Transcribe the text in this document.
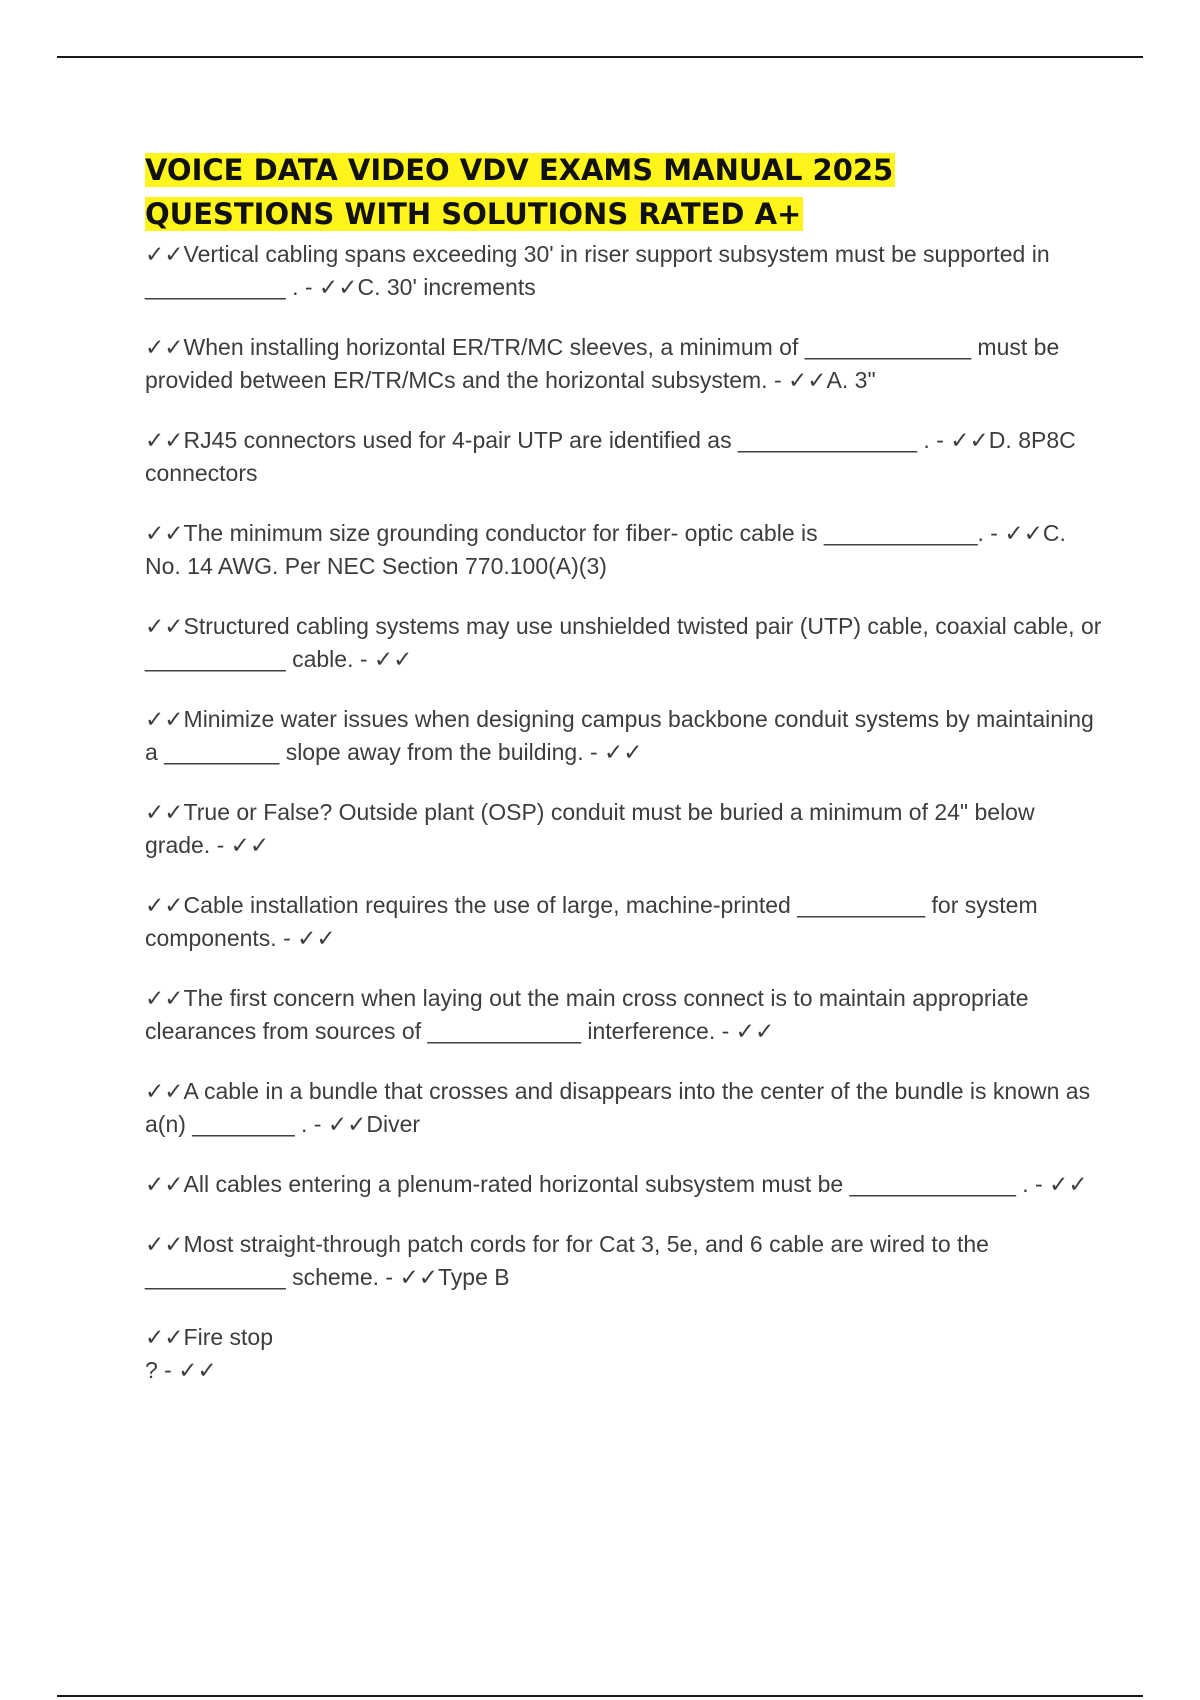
VOICE DATA VIDEO VDV EXAMS MANUAL 2025
QUESTIONS WITH SOLUTIONS RATED A+

✓✓Vertical cabling spans exceeding 30' in riser support subsystem must be supported in ___________ . - ✓✓C. 30' increments

✓✓When installing horizontal ER/TR/MC sleeves, a minimum of _____________ must be provided between ER/TR/MCs and the horizontal subsystem. - ✓✓A. 3"

✓✓RJ45 connectors used for 4-pair UTP are identified as ______________ . - ✓✓D. 8P8C connectors

✓✓The minimum size grounding conductor for fiber- optic cable is ____________. - ✓✓C. No. 14 AWG. Per NEC Section 770.100(A)(3)

✓✓Structured cabling systems may use unshielded twisted pair (UTP) cable, coaxial cable, or ___________ cable. - ✓✓

✓✓Minimize water issues when designing campus backbone conduit systems by maintaining a _________ slope away from the building. - ✓✓

✓✓True or False? Outside plant (OSP) conduit must be buried a minimum of 24" below grade. - ✓✓

✓✓Cable installation requires the use of large, machine-printed __________ for system components. - ✓✓

✓✓The first concern when laying out the main cross connect is to maintain appropriate clearances from sources of ____________ interference. - ✓✓

✓✓A cable in a bundle that crosses and disappears into the center of the bundle is known as a(n) ________ . - ✓✓Diver

✓✓All cables entering a plenum-rated horizontal subsystem must be _____________ . - ✓✓

✓✓Most straight-through patch cords for for Cat 3, 5e, and 6 cable are wired to the ___________ scheme. - ✓✓Type B

✓✓Fire stop
? - ✓✓
